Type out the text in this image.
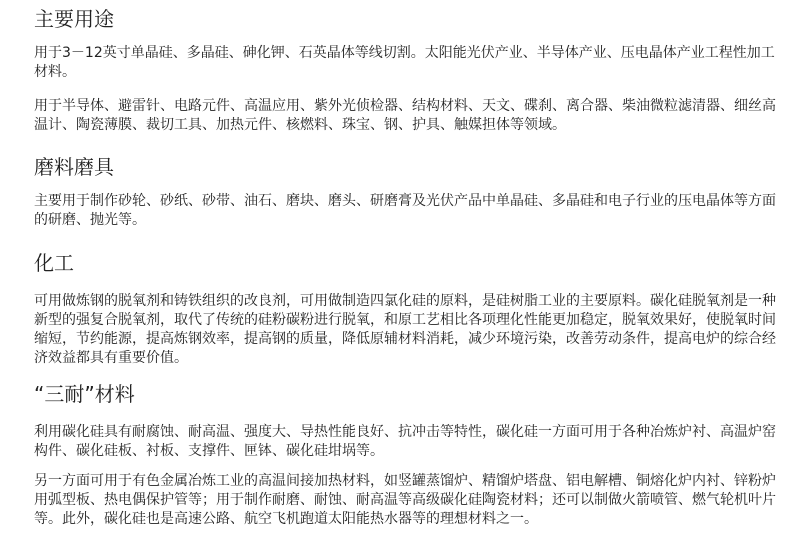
主要用途

用于3－12英寸单晶硅、多晶硅、砷化钾、石英晶体等线切割。太阳能光伏产业、半导体产业、压电晶体产业工程性加工材料。

用于半导体、避雷针、电路元件、高温应用、紫外光侦检器、结构材料、天文、碟刹、离合器、柴油微粒滤清器、细丝高温计、陶瓷薄膜、裁切工具、加热元件、核燃料、珠宝、钢、护具、触媒担体等领域。

磨料磨具

主要用于制作砂轮、砂纸、砂带、油石、磨块、磨头、研磨膏及光伏产品中单晶硅、多晶硅和电子行业的压电晶体等方面的研磨、抛光等。

化工

可用做炼钢的脱氧剂和铸铁组织的改良剂，可用做制造四氯化硅的原料，是硅树脂工业的主要原料。碳化硅脱氧剂是一种新型的强复合脱氧剂，取代了传统的硅粉碳粉进行脱氧，和原工艺相比各项理化性能更加稳定，脱氧效果好，使脱氧时间缩短，节约能源，提高炼钢效率，提高钢的质量，降低原辅材料消耗，减少环境污染，改善劳动条件，提高电炉的综合经济效益都具有重要价值。

“三耐”材料

利用碳化硅具有耐腐蚀、耐高温、强度大、导热性能良好、抗冲击等特性，碳化硅一方面可用于各种冶炼炉衬、高温炉窑构件、碳化硅板、衬板、支撑件、匣钵、碳化硅坩埚等。

另一方面可用于有色金属冶炼工业的高温间接加热材料，如竖罐蒸馏炉、精馏炉塔盘、铝电解槽、铜熔化炉内衬、锌粉炉用弧型板、热电偶保护管等；用于制作耐磨、耐蚀、耐高温等高级碳化硅陶瓷材料；还可以制做火箭喷管、燃气轮机叶片等。此外，碳化硅也是高速公路、航空飞机跑道太阳能热水器等的理想材料之一。
